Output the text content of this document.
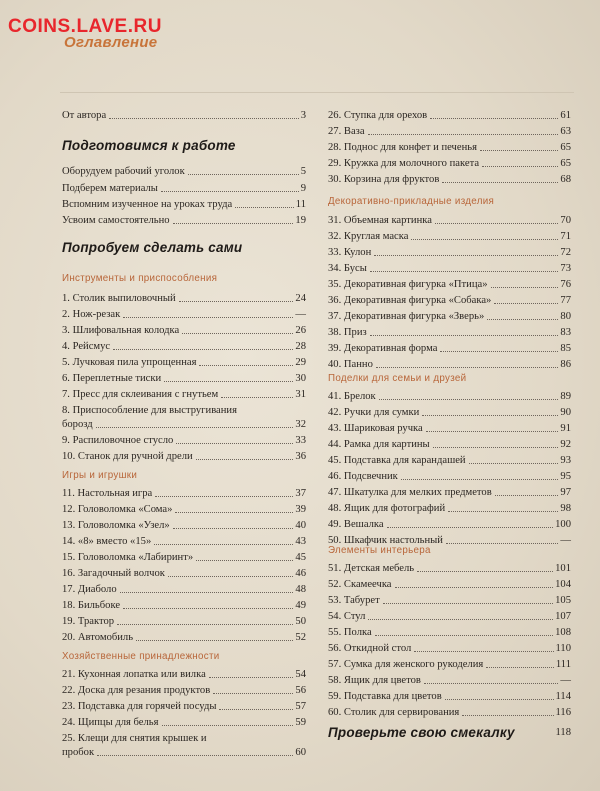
COINS.LAVE.RU
Оглавление
От автора	3
Подготовимся к работе
Оборудуем рабочий уголок	5
Подберем материалы	9
Вспомним изученное на уроках труда	11
Усвоим самостоятельно	19
Попробуем сделать сами
Инструменты и приспособления
1. Столик выпиловочный	24
2. Нож-резак	—
3. Шлифовальная колодка	26
4. Рейсмус	28
5. Лучковая пила упрощенная	29
6. Переплетные тиски	30
7. Пресс для склеивания с гнутьем	31
8. Приспособление для выстругивания
борозд	32
9. Распиловочное стусло	33
10. Станок для ручной дрели	36
Игры и игрушки
11. Настольная игра	37
12. Головоломка «Сома»	39
13. Головоломка «Узел»	40
14. «8» вместо «15»	43
15. Головоломка «Лабиринт»	45
16. Загадочный волчок	46
17. Диаболо	48
18. Бильбоке	49
19. Трактор	50
20. Автомобиль	52
Хозяйственные принадлежности
21. Кухонная лопатка или вилка	54
22. Доска для резания продуктов	56
23. Подставка для горячей посуды	57
24. Щипцы для белья	59
25. Клещи для снятия крышек и
пробок	60
26. Ступка для орехов	61
27. Ваза	63
28. Поднос для конфет и печенья	65
29. Кружка для молочного пакета	65
30. Корзина для фруктов	68
Декоративно-прикладные изделия
31. Объемная картинка	70
32. Круглая маска	71
33. Кулон	72
34. Бусы	73
35. Декоративная фигурка «Птица»	76
36. Декоративная фигурка «Собака»	77
37. Декоративная фигурка «Зверь»	80
38. Приз	83
39. Декоративная форма	85
40. Панно	86
Поделки для семьи и друзей
41. Брелок	89
42. Ручки для сумки	90
43. Шариковая ручка	91
44. Рамка для картины	92
45. Подставка для карандашей	93
46. Подсвечник	95
47. Шкатулка для мелких предметов	97
48. Ящик для фотографий	98
49. Вешалка	100
50. Шкафчик настольный	—
Элементы интерьера
51. Детская мебель	101
52. Скамеечка	104
53. Табурет	105
54. Стул	107
55. Полка	108
56. Откидной стол	110
57. Сумка для женского рукоделия	111
58. Ящик для цветов	—
59. Подставка для цветов	114
60. Столик для сервирования	116
Проверьте свою смекалку	118
